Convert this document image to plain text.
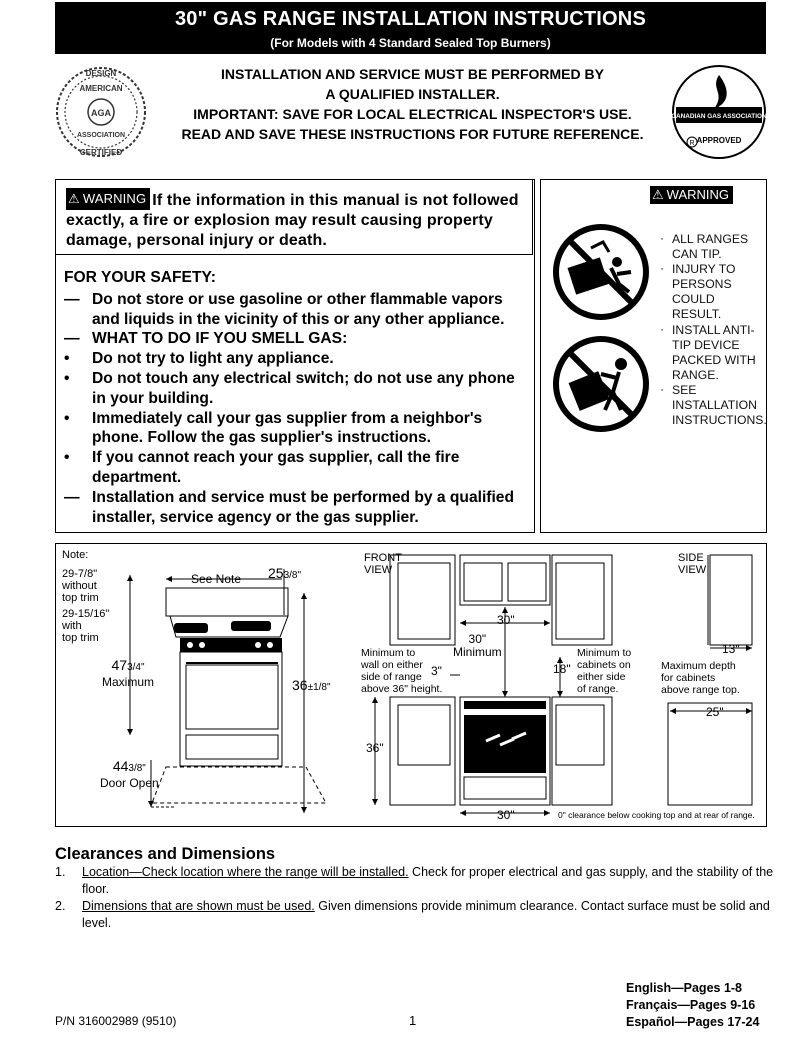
30" GAS RANGE INSTALLATION INSTRUCTIONS
(For Models with 4 Standard Sealed Top Burners)
AGA
DESIGN
AMERICAN
ASSOCIATION
CERTIFIED
INSTALLATION AND SERVICE MUST BE PERFORMED BY
A QUALIFIED INSTALLER.
IMPORTANT: SAVE FOR LOCAL ELECTRICAL INSPECTOR'S USE.
READ AND SAVE THESE INSTRUCTIONS FOR FUTURE REFERENCE.
CANADIAN GAS ASSOCIATION
APPROVED
R
⚠ WARNING If the information in this manual is not followed exactly, a fire or explosion may result causing property damage, personal injury or death.
FOR YOUR SAFETY:
— Do not store or use gasoline or other flammable vapors and liquids in the vicinity of this or any other appliance.
— WHAT TO DO IF YOU SMELL GAS:
• Do not try to light any appliance.
• Do not touch any electrical switch; do not use any phone in your building.
• Immediately call your gas supplier from a neighbor's phone. Follow the gas supplier's instructions.
• If you cannot reach your gas supplier, call the fire department.
— Installation and service must be performed by a qualified installer, service agency or the gas supplier.
⚠ WARNING
· ALL RANGES CAN TIP.
· INJURY TO PERSONS COULD RESULT.
· INSTALL ANTI-TIP DEVICE PACKED WITH RANGE.
· SEE INSTALLATION INSTRUCTIONS.
Note:
29-7/8"
without
top trim
29-15/16"
with
top trim
See Note 253/8"
473/4"
Maximum	36±1/8"
443/8"
Door Open
FRONT
VIEW
SIDE
VIEW
30"
30"
Minimum
Minimum to
wall on either
side of range
above 36" height.
3"	18"
Minimum to
cabinets on
either side
of range.
13"
Maximum depth
for cabinets
above range top.
25"
36"
30"	0" clearance below cooking top and at rear of range.
Clearances and Dimensions
1. Location—Check location where the range will be installed. Check for proper electrical and gas supply, and the stability of the floor.
2. Dimensions that are shown must be used. Given dimensions provide minimum clearance. Contact surface must be solid and level.
P/N 316002989 (9510)	1
English—Pages 1-8
Français—Pages 9-16
Español—Pages 17-24
